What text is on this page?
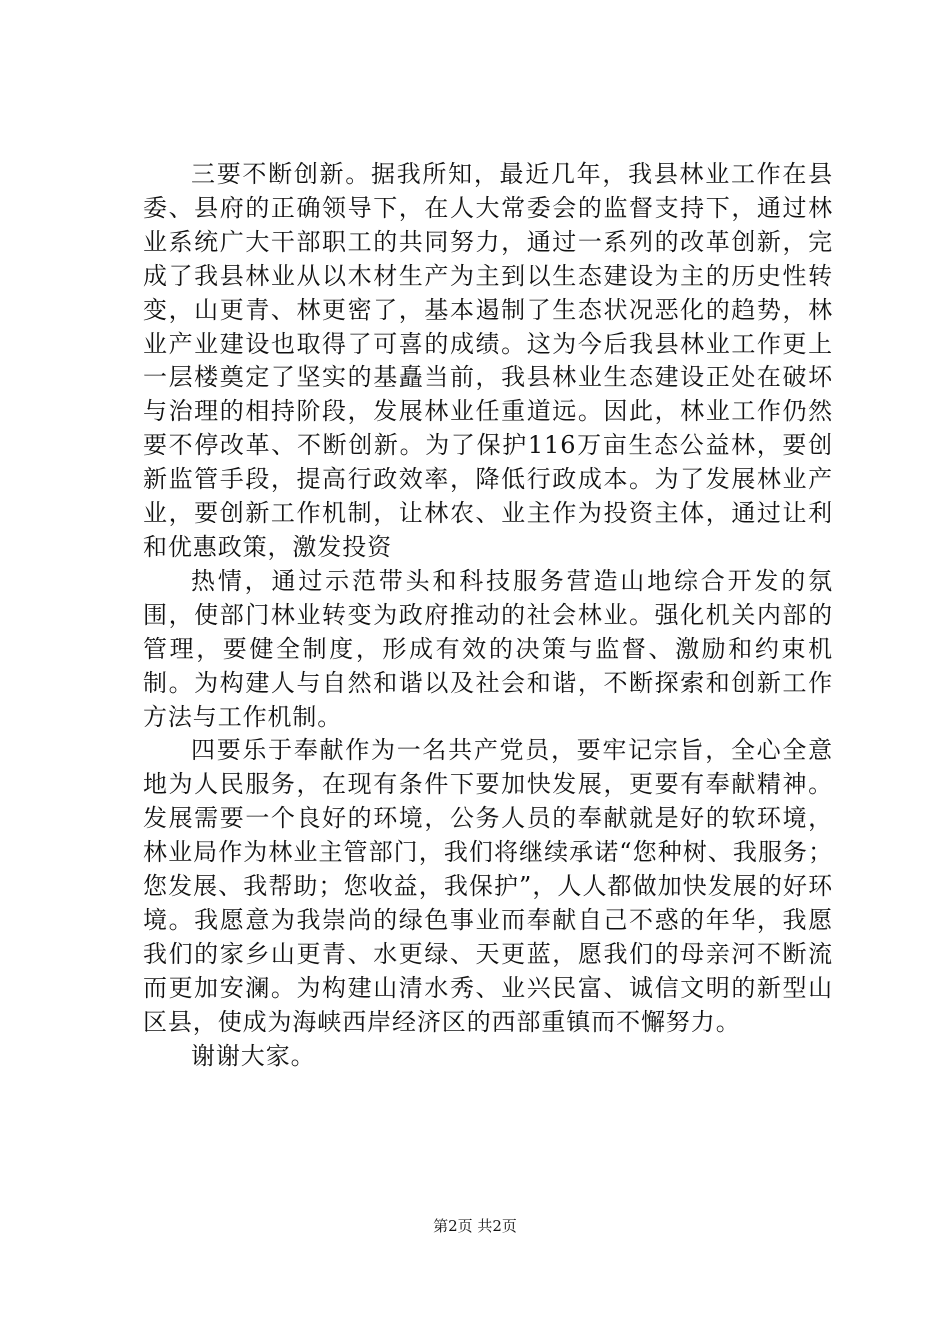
三要不断创新。据我所知，最近几年，我县林业工作在县委、县府的正确领导下，在人大常委会的监督支持下，通过林业系统广大干部职工的共同努力，通过一系列的改革创新，完成了我县林业从以木材生产为主到以生态建设为主的历史性转变，山更青、林更密了，基本遏制了生态状况恶化的趋势，林业产业建设也取得了可喜的成绩。这为今后我县林业工作更上一层楼奠定了坚实的基矗当前，我县林业生态建设正处在破坏与治理的相持阶段，发展林业任重道远。因此，林业工作仍然要不停改革、不断创新。为了保护116万亩生态公益林，要创新监管手段，提高行政效率，降低行政成本。为了发展林业产业，要创新工作机制，让林农、业主作为投资主体，通过让利和优惠政策，激发投资

热情，通过示范带头和科技服务营造山地综合开发的氛围，使部门林业转变为政府推动的社会林业。强化机关内部的管理，要健全制度，形成有效的决策与监督、激励和约束机制。为构建人与自然和谐以及社会和谐，不断探索和创新工作方法与工作机制。

四要乐于奉献作为一名共产党员，要牢记宗旨，全心全意地为人民服务，在现有条件下要加快发展，更要有奉献精神。发展需要一个良好的环境，公务人员的奉献就是好的软环境，林业局作为林业主管部门，我们将继续承诺“您种树、我服务；您发展、我帮助；您收益，我保护”，人人都做加快发展的好环境。我愿意为我崇尚的绿色事业而奉献自己不惑的年华，我愿我们的家乡山更青、水更绿、天更蓝，愿我们的母亲河不断流而更加安澜。为构建山清水秀、业兴民富、诚信文明的新型山区县，使成为海峡西岸经济区的西部重镇而不懈努力。

谢谢大家。

第2页 共2页
